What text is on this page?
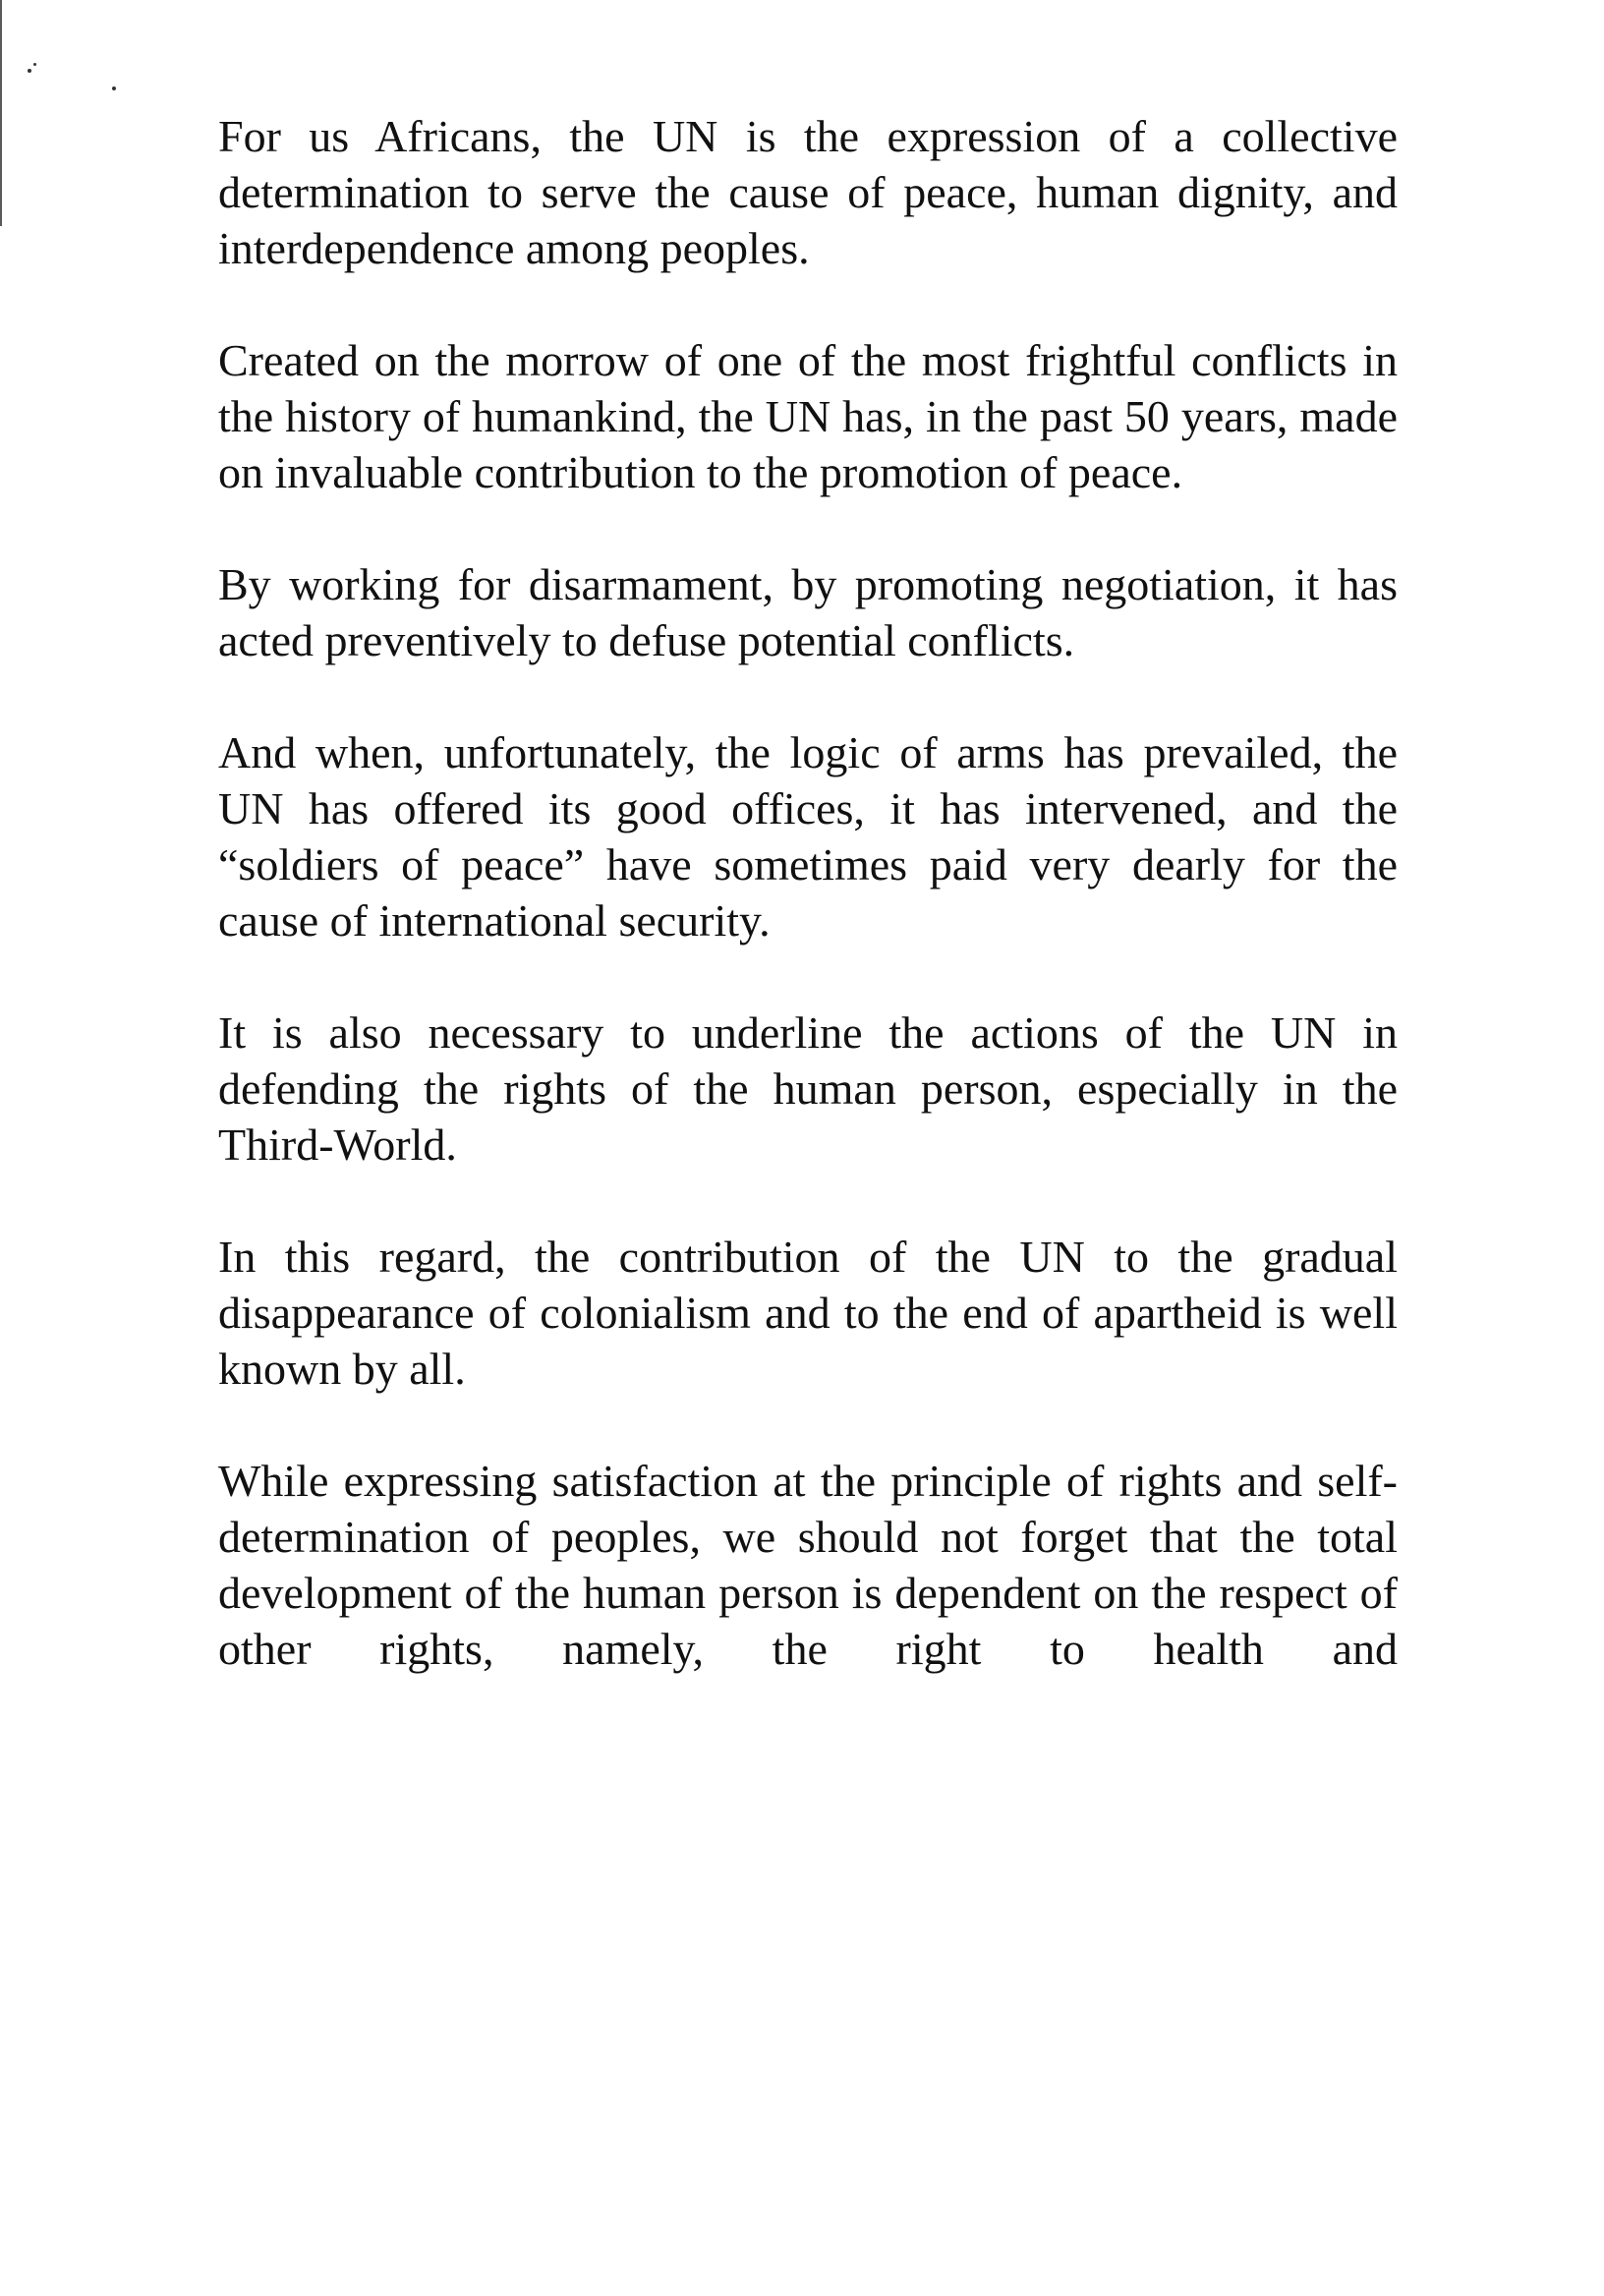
For us Africans, the UN is the expression of a collective determination to serve the cause of peace, human dignity, and interdependence among peoples.

Created on the morrow of one of the most frightful conflicts in the history of humankind, the UN has, in the past 50 years, made on invaluable contribution to the promotion of peace.

By working for disarmament, by promoting negotiation, it has acted preventively to defuse potential conflicts.

And when, unfortunately, the logic of arms has prevailed, the UN has offered its good offices, it has intervened, and the “soldiers of peace” have sometimes paid very dearly for the cause of international security.

It is also necessary to underline the actions of the UN in defending the rights of the human person, especially in the Third-World.

In this regard, the contribution of the UN to the gradual disappearance of colonialism and to the end of apartheid is well known by all.

While expressing satisfaction at the principle of rights and self-determination of peoples, we should not forget that the total development of the human person is dependent on the respect of other rights, namely, the right to health and
